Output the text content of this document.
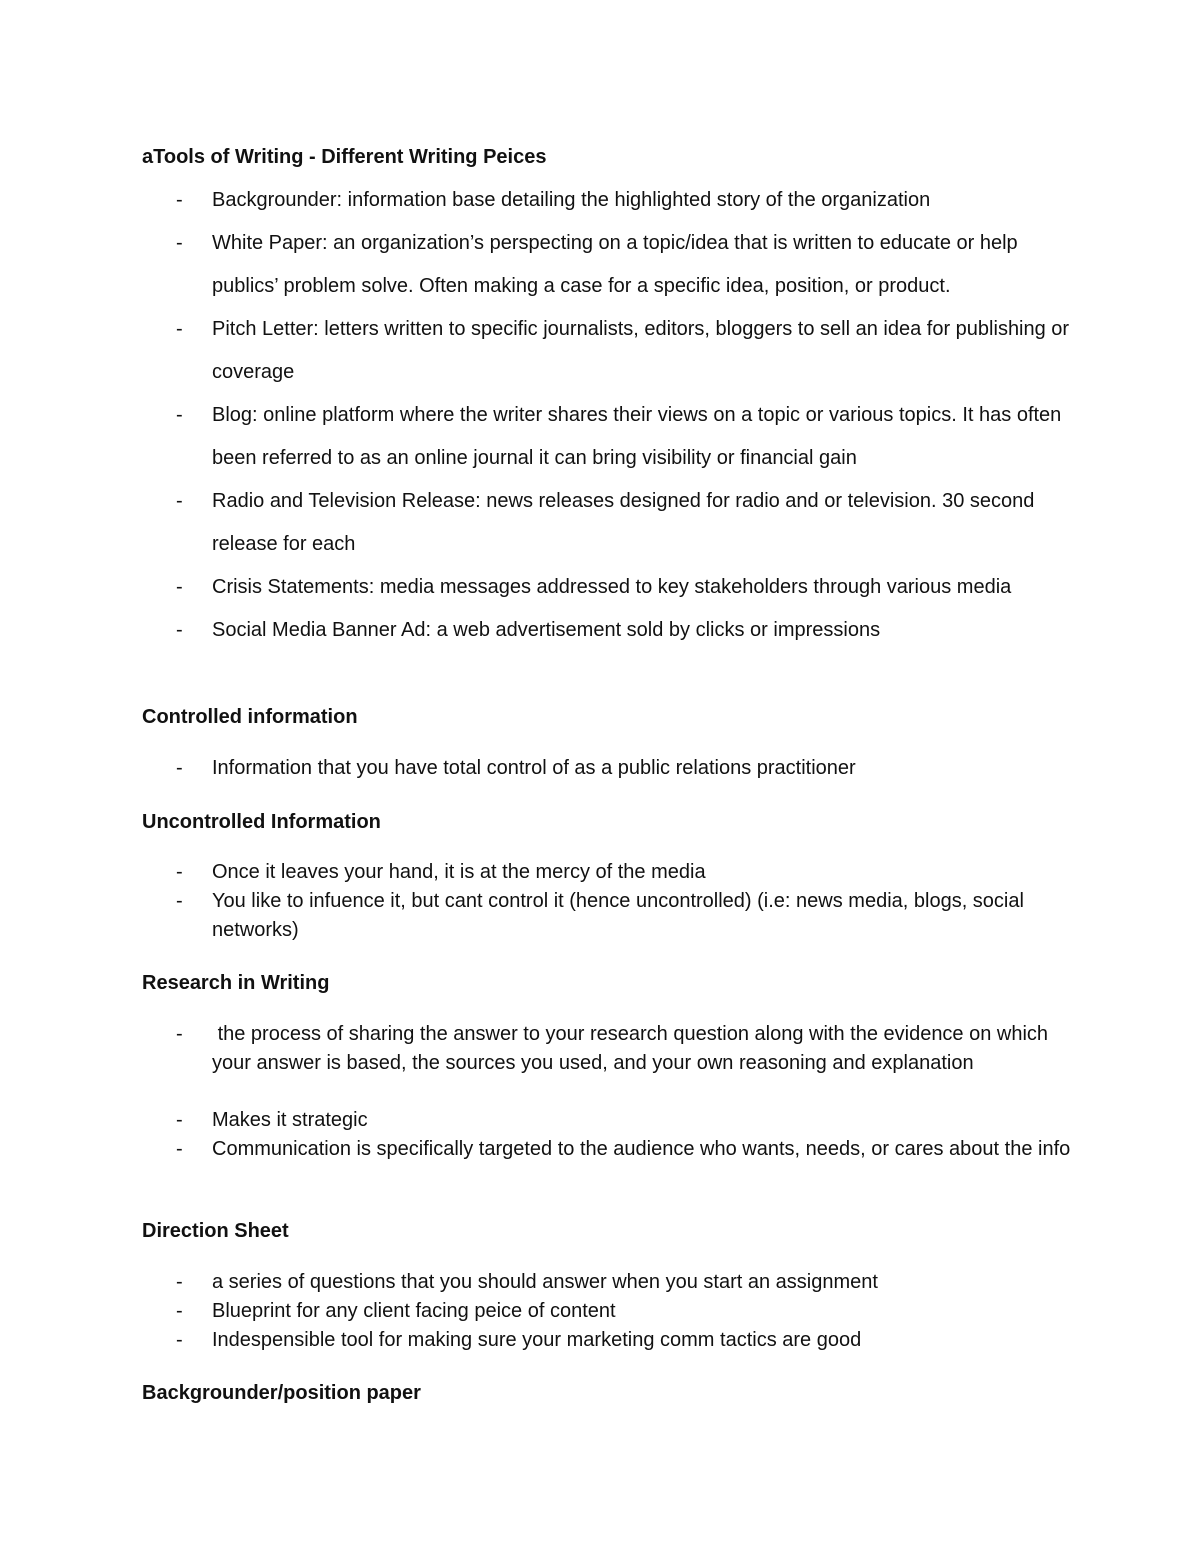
aTools of Writing - Different Writing Peices
-	Backgrounder: information base detailing the highlighted story of the organization
-	White Paper: an organization’s perspecting on a topic/idea that is written to educate or help publics’ problem solve. Often making a case for a specific idea, position, or product.
-	Pitch Letter: letters written to specific journalists, editors, bloggers to sell an idea for publishing or coverage
-	Blog: online platform where the writer shares their views on a topic or various topics. It has often been referred to as an online journal it can bring visibility or financial gain
-	Radio and Television Release: news releases designed for radio and or television. 30 second release for each
-	Crisis Statements: media messages addressed to key stakeholders through various media
-	Social Media Banner Ad: a web advertisement sold by clicks or impressions
Controlled information
-	Information that you have total control of as a public relations practitioner
Uncontrolled Information
-	Once it leaves your hand, it is at the mercy of the media
-	You like to infuence it, but cant control it (hence uncontrolled) (i.e: news media, blogs, social networks)
Research in Writing
-	the process of sharing the answer to your research question along with the evidence on which your answer is based, the sources you used, and your own reasoning and explanation
-	Makes it strategic
-	Communication is specifically targeted to the audience who wants, needs, or cares about the info
Direction Sheet
-	a series of questions that you should answer when you start an assignment
-	Blueprint for any client facing peice of content
-	Indespensible tool for making sure your marketing comm tactics are good
Backgrounder/position paper
